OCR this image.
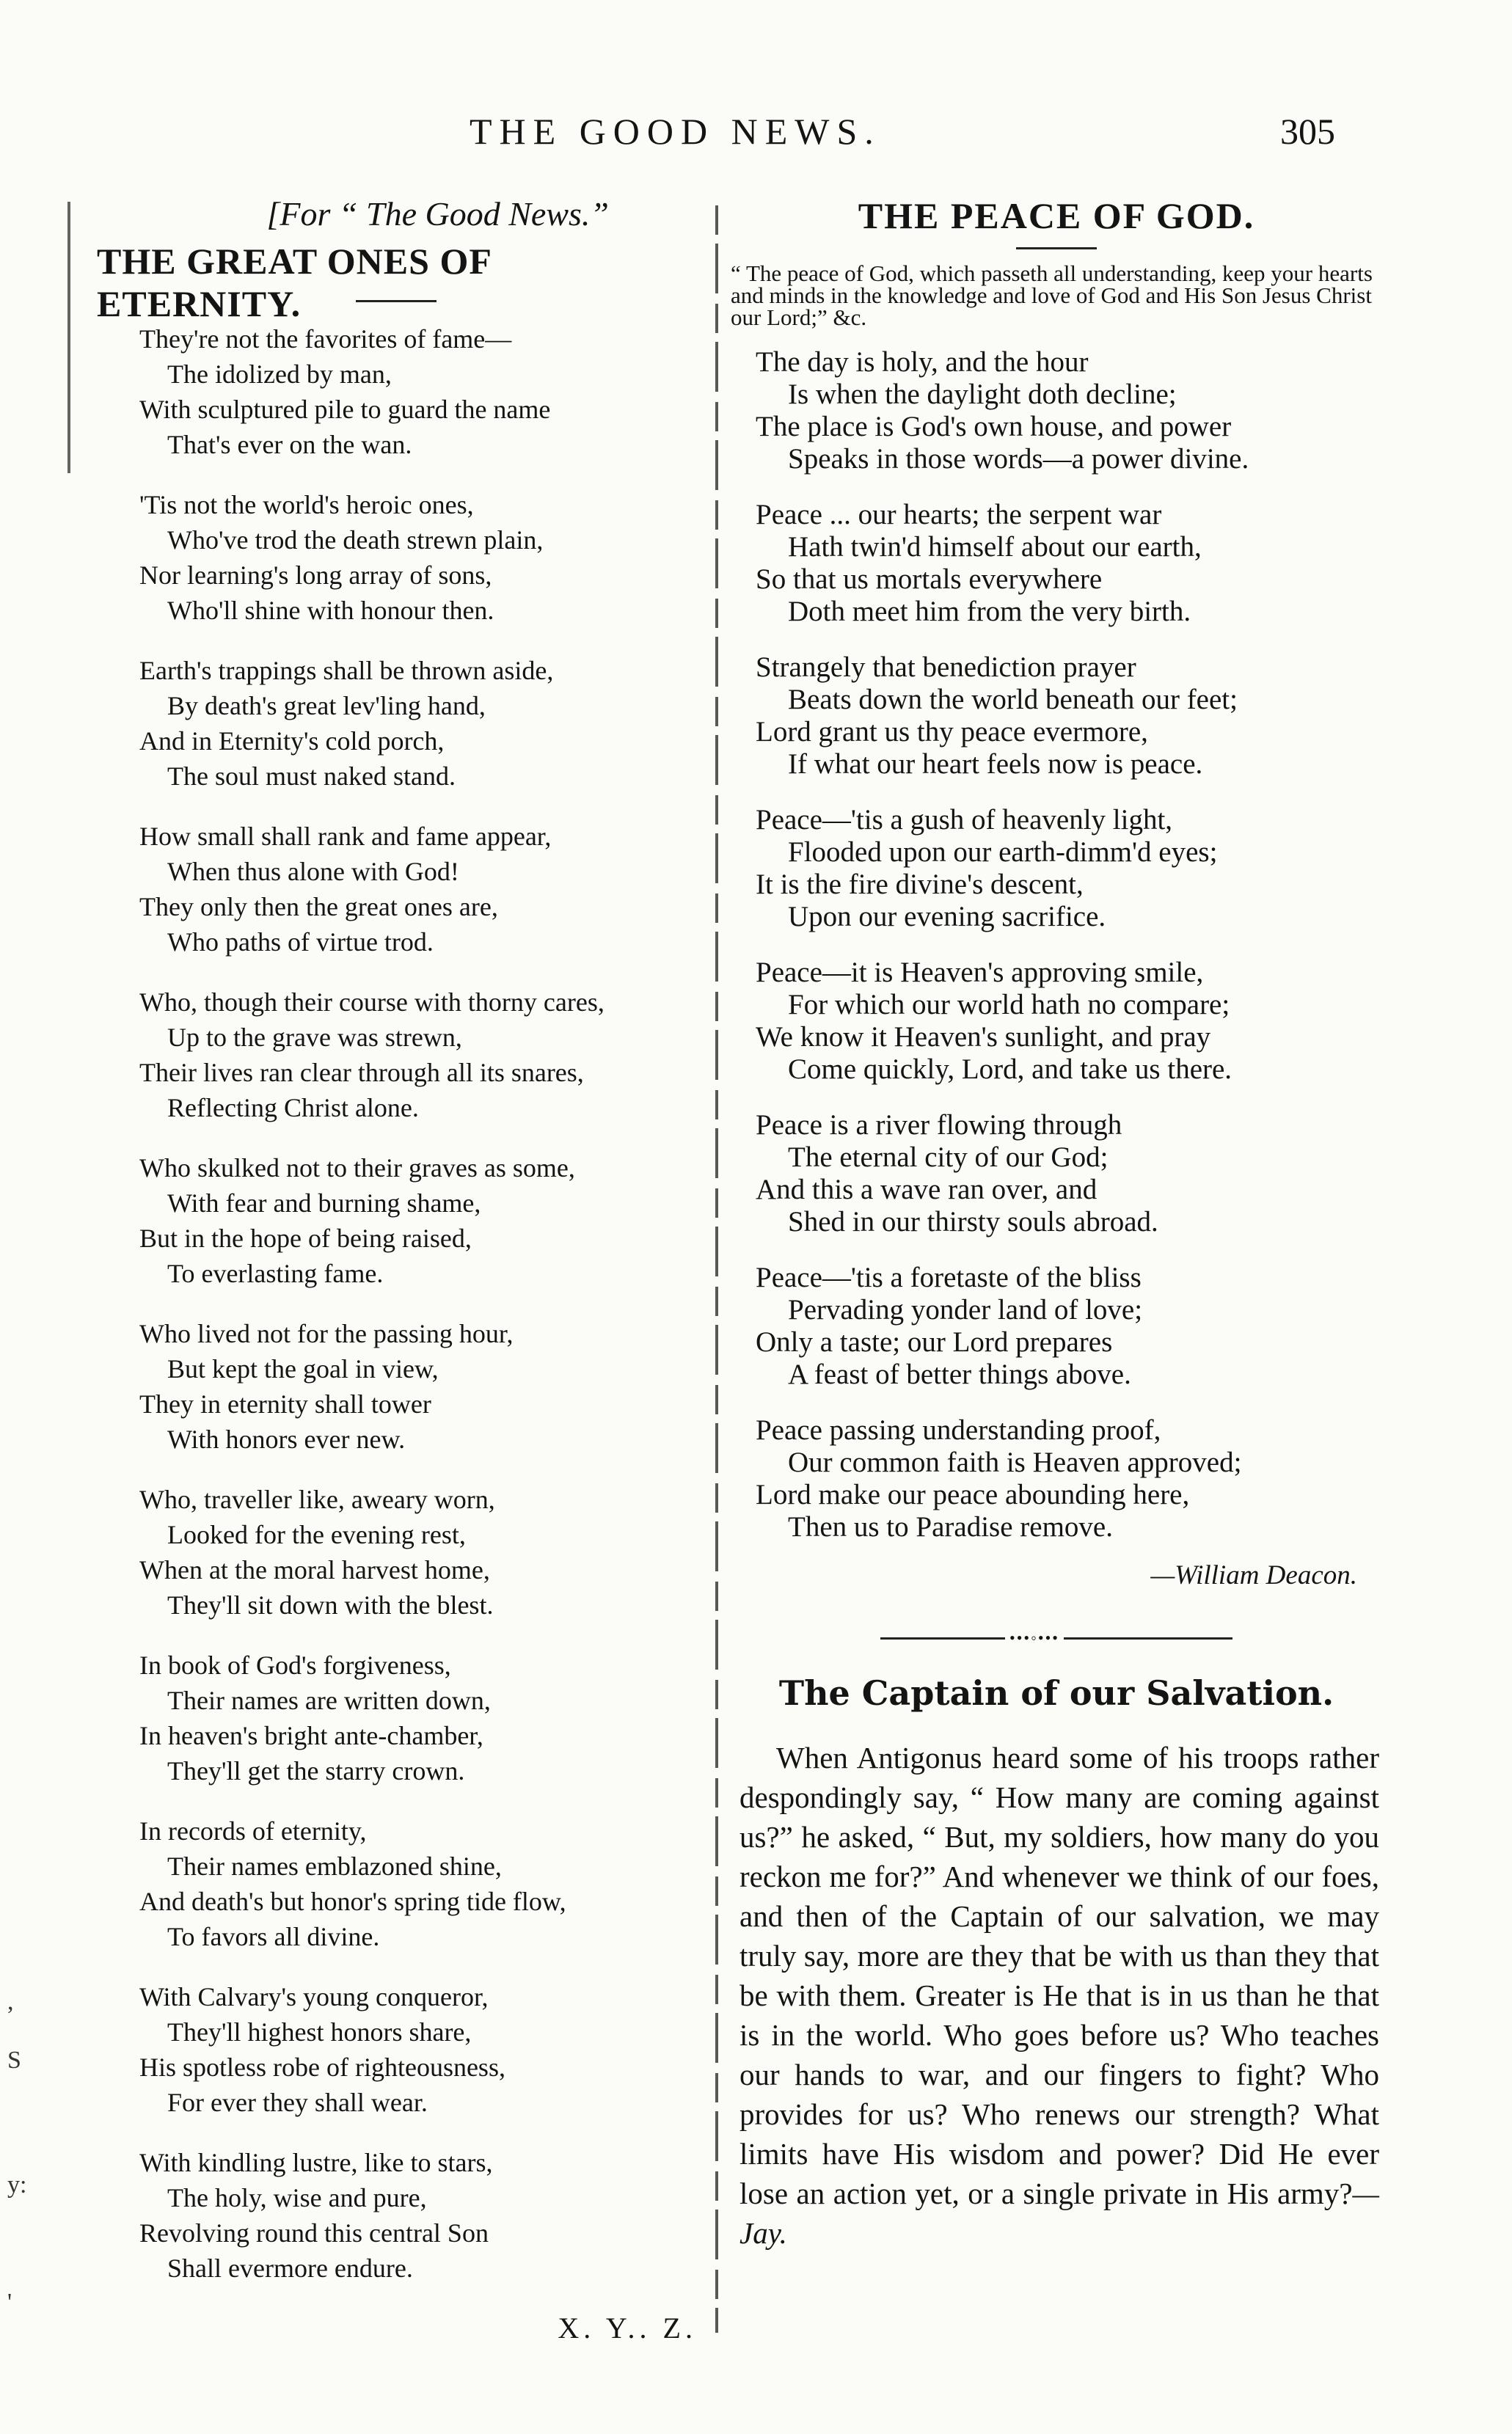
THE GOOD NEWS.	305
,
S
y:
'

[For “ The Good News.”

THE GREAT ONES OF ETERNITY.
They're not the favorites of fame—
The idolized by man,
With sculptured pile to guard the name
That's ever on the wan.
'Tis not the world's heroic ones,
Who've trod the death strewn plain,
Nor learning's long array of sons,
Who'll shine with honour then.
Earth's trappings shall be thrown aside,
By death's great lev'ling hand,
And in Eternity's cold porch,
The soul must naked stand.
How small shall rank and fame appear,
When thus alone with God!
They only then the great ones are,
Who paths of virtue trod.
Who, though their course with thorny cares,
Up to the grave was strewn,
Their lives ran clear through all its snares,
Reflecting Christ alone.
Who skulked not to their graves as some,
With fear and burning shame,
But in the hope of being raised,
To everlasting fame.
Who lived not for the passing hour,
But kept the goal in view,
They in eternity shall tower
With honors ever new.
Who, traveller like, aweary worn,
Looked for the evening rest,
When at the moral harvest home,
They'll sit down with the blest.
In book of God's forgiveness,
Their names are written down,
In heaven's bright ante-chamber,
They'll get the starry crown.
In records of eternity,
Their names emblazoned shine,
And death's but honor's spring tide flow,
To favors all divine.
With Calvary's young conqueror,
They'll highest honors share,
His spotless robe of righteousness,
For ever they shall wear.
With kindling lustre, like to stars,
The holy, wise and pure,
Revolving round this central Son
Shall evermore endure.
X. Y.. Z.
THE PEACE OF GOD.

“ The peace of God, which passeth all understanding, keep your hearts and minds in the knowledge and love of God and His Son Jesus Christ our Lord;” &c.

The day is holy, and the hour
Is when the daylight doth decline;
The place is God's own house, and power
Speaks in those words—a power divine.
Peace ... our hearts; the serpent war
Hath twin'd himself about our earth,
So that us mortals everywhere
Doth meet him from the very birth.
Strangely that benediction prayer
Beats down the world beneath our feet;
Lord grant us thy peace evermore,
If what our heart feels now is peace.
Peace—'tis a gush of heavenly light,
Flooded upon our earth-dimm'd eyes;
It is the fire divine's descent,
Upon our evening sacrifice.
Peace—it is Heaven's approving smile,
For which our world hath no compare;
We know it Heaven's sunlight, and pray
Come quickly, Lord, and take us there.
Peace is a river flowing through
The eternal city of our God;
And this a wave ran over, and
Shed in our thirsty souls abroad.
Peace—'tis a foretaste of the bliss
Pervading yonder land of love;
Only a taste; our Lord prepares
A feast of better things above.
Peace passing understanding proof,
Our common faith is Heaven approved;
Lord make our peace abounding here,
Then us to Paradise remove.
—William Deacon.
•••◦•••
The Captain of our Salvation.

When Antigonus heard some of his troops rather despondingly say, “ How many are coming against us?” he asked, “ But, my soldiers, how many do you reckon me for?” And whenever we think of our foes, and then of the Captain of our salvation, we may truly say, more are they that be with us than they that be with them. Greater is He that is in us than he that is in the world. Who goes before us? Who teaches our hands to war, and our fingers to fight? Who provides for us? Who renews our strength? What limits have His wisdom and power? Did He ever lose an action yet, or a single private in His army?—Jay.
